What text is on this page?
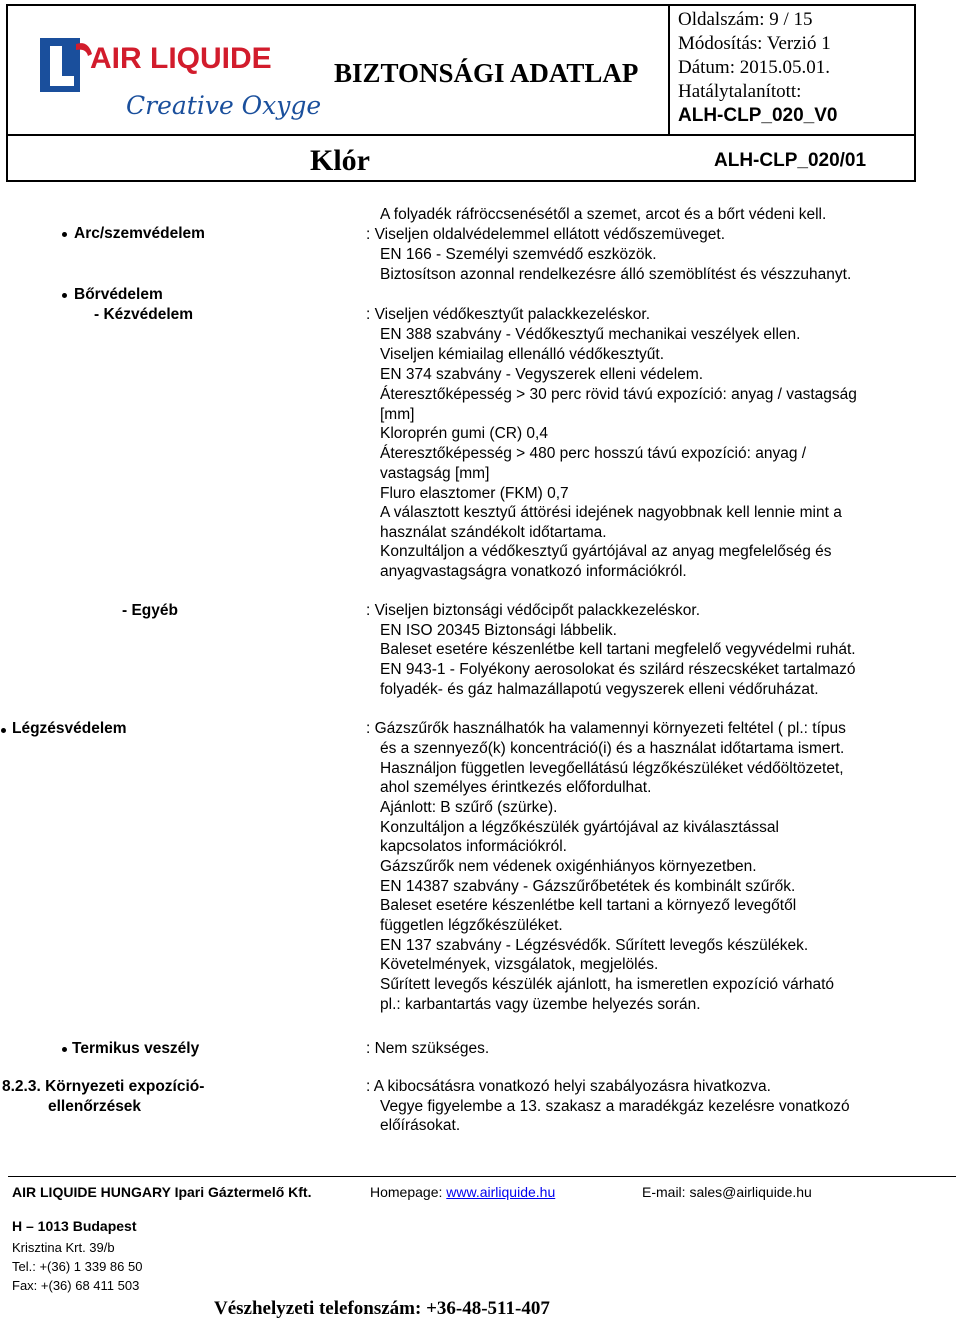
AIR LIQUIDE
Creative Oxygen
BIZTONSÁGI ADATLAP
Oldalszám: 9 / 15
Módosítás: Verzió 1
Dátum: 2015.05.01.
Hatálytalanított:
ALH-CLP_020_V0
Klór	ALH-CLP_020/01
A folyadék ráfröccsenésétől a szemet, arcot és a bőrt védeni kell.
Arc/szemvédelem	: Viseljen oldalvédelemmel ellátott védőszemüveget.
EN 166 - Személyi szemvédő eszközök.
Biztosítson azonnal rendelkezésre álló szemöblítést és vészzuhanyt.
Bőrvédelem
- Kézvédelem	: Viseljen védőkesztyűt palackkezeléskor.
EN 388 szabvány - Védőkesztyű mechanikai veszélyek ellen.
Viseljen kémiailag ellenálló védőkesztyűt.
EN 374 szabvány - Vegyszerek elleni védelem.
Áteresztőképesség > 30 perc rövid távú expozíció: anyag / vastagság
[mm]
Kloroprén gumi (CR) 0,4
Áteresztőképesség > 480 perc hosszú távú expozíció: anyag /
vastagság [mm]
Fluro elasztomer (FKM) 0,7
A választott kesztyű áttörési idejének nagyobbnak kell lennie mint a
használat szándékolt időtartama.
Konzultáljon a védőkesztyű gyártójával az anyag megfelelőség és
anyagvastagságra vonatkozó információkról.
- Egyéb	: Viseljen biztonsági védőcipőt palackkezeléskor.
EN ISO 20345 Biztonsági lábbelik.
Baleset esetére készenlétbe kell tartani megfelelő vegyvédelmi ruhát.
EN 943-1 - Folyékony aerosolokat és szilárd részecskéket tartalmazó
folyadék- és gáz halmazállapotú vegyszerek elleni védőruházat.
Légzésvédelem	: Gázszűrők használhatók ha valamennyi környezeti feltétel ( pl.: típus
és a szennyező(k) koncentráció(i) és a használat időtartama ismert.
Használjon független levegőellátású légzőkészüléket védőöltözetet,
ahol személyes érintkezés előfordulhat.
Ajánlott: B szűrő (szürke).
Konzultáljon a légzőkészülék gyártójával az kiválasztással
kapcsolatos információkról.
Gázszűrők nem védenek oxigénhiányos környezetben.
EN 14387 szabvány - Gázszűrőbetétek és kombinált szűrők.
Baleset esetére készenlétbe kell tartani a környező levegőtől
független légzőkészüléket.
EN 137 szabvány - Légzésvédők. Sűrített levegős készülékek.
Követelmények, vizsgálatok, megjelölés.
Sűrített levegős készülék ajánlott, ha ismeretlen expozíció várható
pl.: karbantartás vagy üzembe helyezés során.
Termikus veszély	: Nem szükséges.
8.2.3. Környezeti expozíció-
ellenőrzések
: A kibocsátásra vonatkozó helyi szabályozásra hivatkozva.
Vegye figyelembe a 13. szakasz a maradékgáz kezelésre vonatkozó
előírásokat.
AIR LIQUIDE HUNGARY Ipari Gáztermelő Kft.	Homepage: www.airliquide.hu	E-mail: sales@airliquide.hu
H – 1013 Budapest
Krisztina Krt. 39/b
Tel.: +(36) 1 339 86 50
Fax: +(36) 68 411 503
Vészhelyzeti telefonszám: +36-48-511-407
